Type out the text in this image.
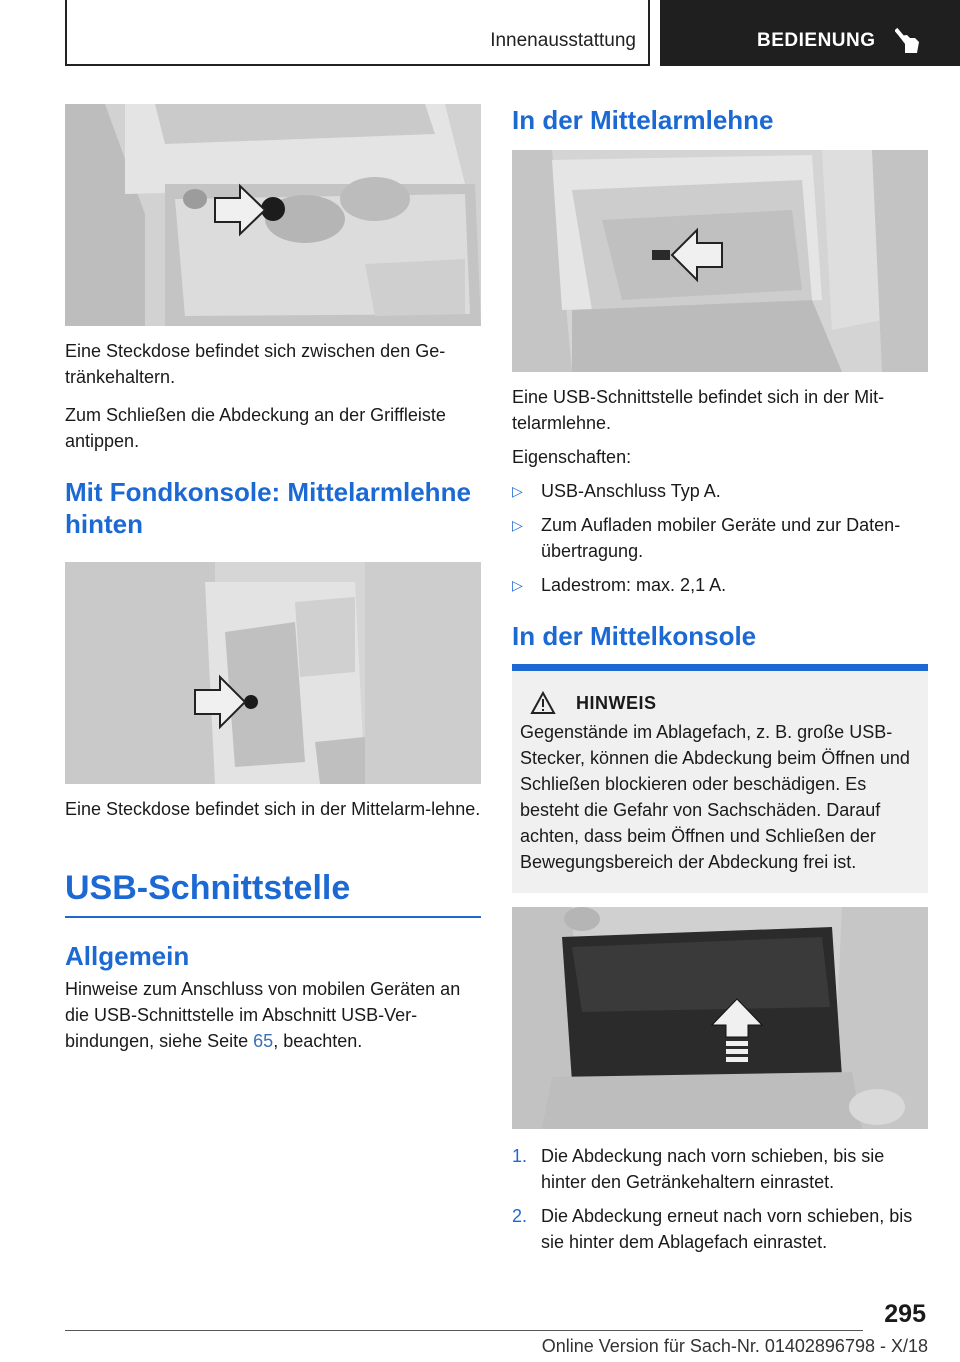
Innenausstattung	BEDIENUNG

Eine Steckdose befindet sich zwischen den Ge‐tränkehaltern.

Zum Schließen die Abdeckung an der Griffleiste antippen.

Mit Fondkonsole: Mittelarmlehne hinten

Eine Steckdose befindet sich in der Mittelarm‐lehne.

USB-Schnittstelle
Allgemein

Hinweise zum Anschluss von mobilen Geräten an die USB-Schnittstelle im Abschnitt USB-Ver‐bindungen, siehe Seite 65, beachten.

In der Mittelarmlehne

Eine USB-Schnittstelle befindet sich in der Mit‐telarmlehne.

Eigenschaften:

▷ USB-Anschluss Typ A.
▷ Zum Aufladen mobiler Geräte und zur Daten‐übertragung.
▷ Ladestrom: max. 2,1 A.
In der Mittelkonsole
HINWEIS

Gegenstände im Ablagefach, z. B. große USB-Stecker, können die Abdeckung beim Öffnen und Schließen blockieren oder beschädigen. Es besteht die Gefahr von Sachschäden. Darauf achten, dass beim Öffnen und Schließen der Bewegungsbereich der Abdeckung frei ist.

1. Die Abdeckung nach vorn schieben, bis sie hinter den Getränkehaltern einrastet.
2. Die Abdeckung erneut nach vorn schieben, bis sie hinter dem Ablagefach einrastet.
295
Online Version für Sach-Nr. 01402896798 - X/18
